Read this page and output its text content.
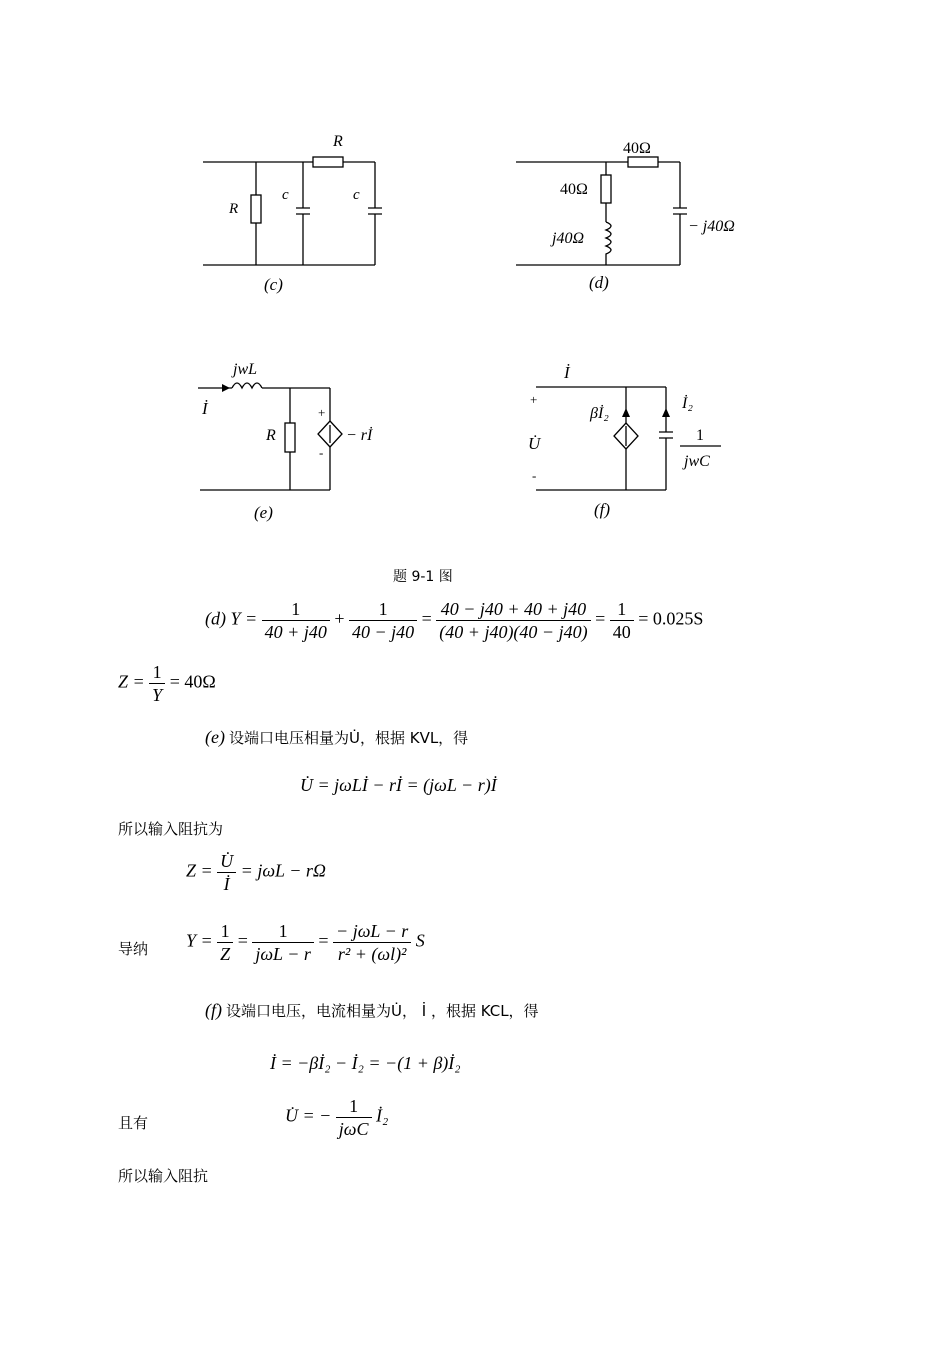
R
R
c	c
(c)
40Ω
40Ω
j40Ω
− j40Ω
(d)
jwL
İ
R
+
-
− rİ
(e)
İ
+
U̇
-
βİ₂
İ₂
1
jwC
(f)
题 9-1 图
(d) $Y = \frac{1}{40 + j40} + \frac{1}{40 - j40} = \frac{40 - j40 + 40 + j40}{(40 + j40)(40 - j40)} = \frac{1}{40} = 0.025S$
$Z = \frac{1}{Y} = 40\Omega$
(e) 设端口电压相量为U̇，根据 KVL，得
U̇ = jωLİ − rİ = (jωL − r)İ
所以输入阻抗为
$Z = \frac{U̇}{İ} = j\omega L - r\Omega$
导纳 $Y = \frac{1}{Z} = \frac{1}{\text{jωL − r}} = \frac{\text{− jωL − r}}{\text{r² + (ωl)²}}$ S
(f) 设端口电压，电流相量为U̇， İ ，根据 KCL，得
İ = −βİ₂ − İ₂ = −(1 + β)İ₂
且有	U̇ = − $\frac{1}{\text{jωC}}$ İ₂
所以输入阻抗
